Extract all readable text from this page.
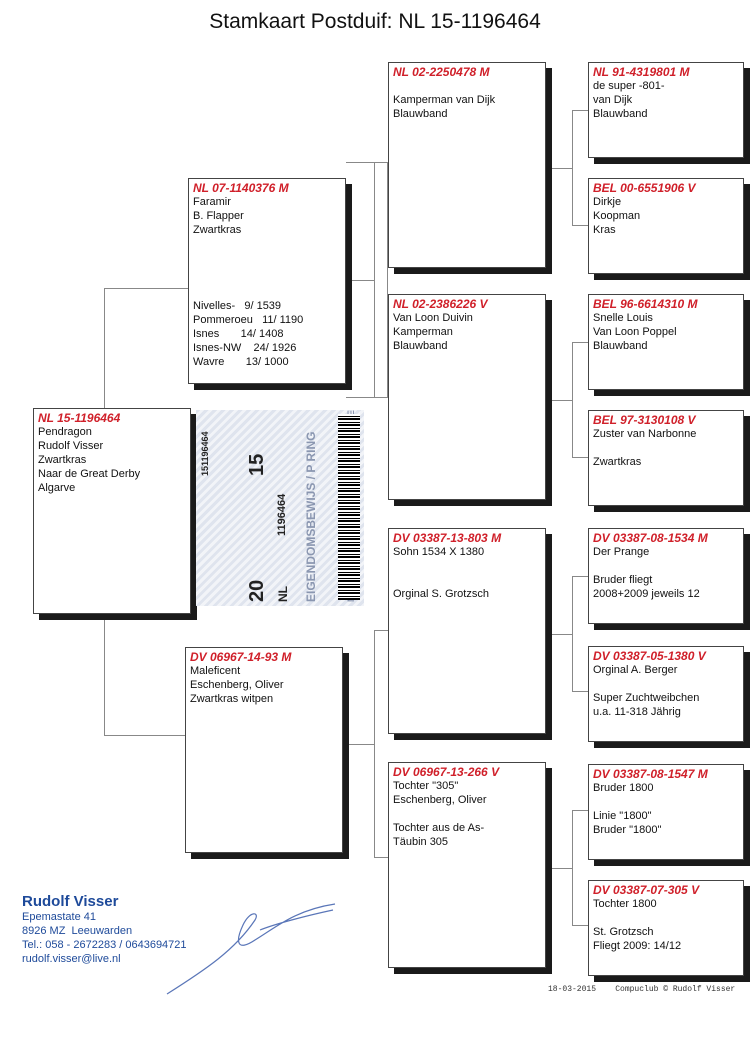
Stamkaart Postduif: NL 15-1196464
NL 15-1196464
Pendragon
Rudolf Visser
Zwartkras
Naar de Great Derby
Algarve	EIGENDOMSBEWIJS / P RING
20
15
1196464
151196464
NL
NL 07-1140376 M
Faramir
B. Flapper
Zwartkras
Nivelles-   9/ 1539
Pommeroeu   11/ 1190
Isnes       14/ 1408
Isnes-NW    24/ 1926
Wavre       13/ 1000
DV 06967-14-93 M
Maleficent
Eschenberg, Oliver
Zwartkras witpen
NL 02-2250478 M
Kamperman van Dijk
Blauwband
NL 02-2386226 V
Van Loon Duivin
Kamperman
Blauwband
DV 03387-13-803 M
Sohn 1534 X 1380
Orginal S. Grotzsch
DV 06967-13-266 V
Tochter "305"
Eschenberg, Oliver
Tochter aus de As-
Täubin 305
NL 91-4319801 M
de super -801-
van Dijk
Blauwband
BEL 00-6551906 V
Dirkje
Koopman
Kras
BEL 96-6614310 M
Snelle Louis
Van Loon Poppel
Blauwband
BEL 97-3130108 V
Zuster van Narbonne
Zwartkras
DV 03387-08-1534 M
Der Prange
Bruder fliegt
2008+2009 jeweils 12
DV 03387-05-1380 V
Orginal A. Berger
Super Zuchtweibchen
u.a. 11-318 Jährig
DV 03387-08-1547 M
Bruder 1800
Linie "1800"
Bruder "1800"
DV 03387-07-305 V
Tochter 1800
St. Grotzsch
Fliegt 2009: 14/12
Rudolf Visser
Epemastate 41
8926 MZ  Leeuwarden
Tel.: 058 - 2672283 / 0643694721
rudolf.visser@live.nl
18-03-2015    Compuclub © Rudolf Visser
